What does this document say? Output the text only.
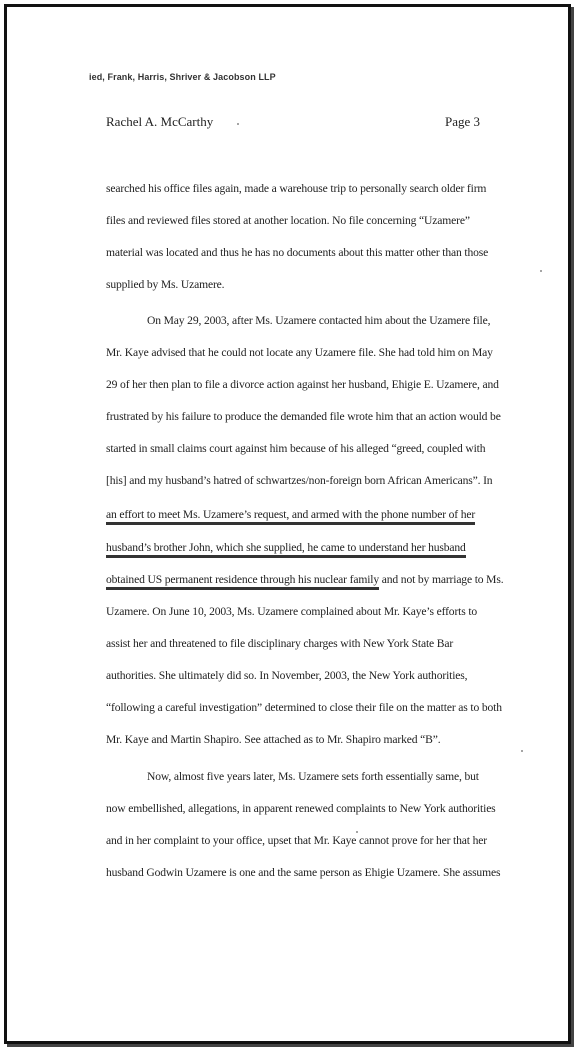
ied, Frank, Harris, Shriver & Jacobson LLP
Rachel A. McCarthy	Page 3
searched his office files again, made a warehouse trip to personally search older firm
files and reviewed files stored at another location. No file concerning “Uzamere”
material was located and thus he has no documents about this matter other than those
supplied by Ms. Uzamere.
On May 29, 2003, after Ms. Uzamere contacted him about the Uzamere file,
Mr. Kaye advised that he could not locate any Uzamere file. She had told him on May
29 of her then plan to file a divorce action against her husband, Ehigie E. Uzamere, and
frustrated by his failure to produce the demanded file wrote him that an action would be
started in small claims court against him because of his alleged “greed, coupled with
[his] and my husband’s hatred of schwartzes/non-foreign born African Americans”. In
an effort to meet Ms. Uzamere’s request, and armed with the phone number of her
husband’s brother John, which she supplied, he came to understand her husband
obtained US permanent residence through his nuclear family and not by marriage to Ms.
Uzamere. On June 10, 2003, Ms. Uzamere complained about Mr. Kaye’s efforts to
assist her and threatened to file disciplinary charges with New York State Bar
authorities. She ultimately did so. In November, 2003, the New York authorities,
“following a careful investigation” determined to close their file on the matter as to both
Mr. Kaye and Martin Shapiro. See attached as to Mr. Shapiro marked “B”.
Now, almost five years later, Ms. Uzamere sets forth essentially same, but
now embellished, allegations, in apparent renewed complaints to New York authorities
and in her complaint to your office, upset that Mr. Kaye cannot prove for her that her
husband Godwin Uzamere is one and the same person as Ehigie Uzamere. She assumes
